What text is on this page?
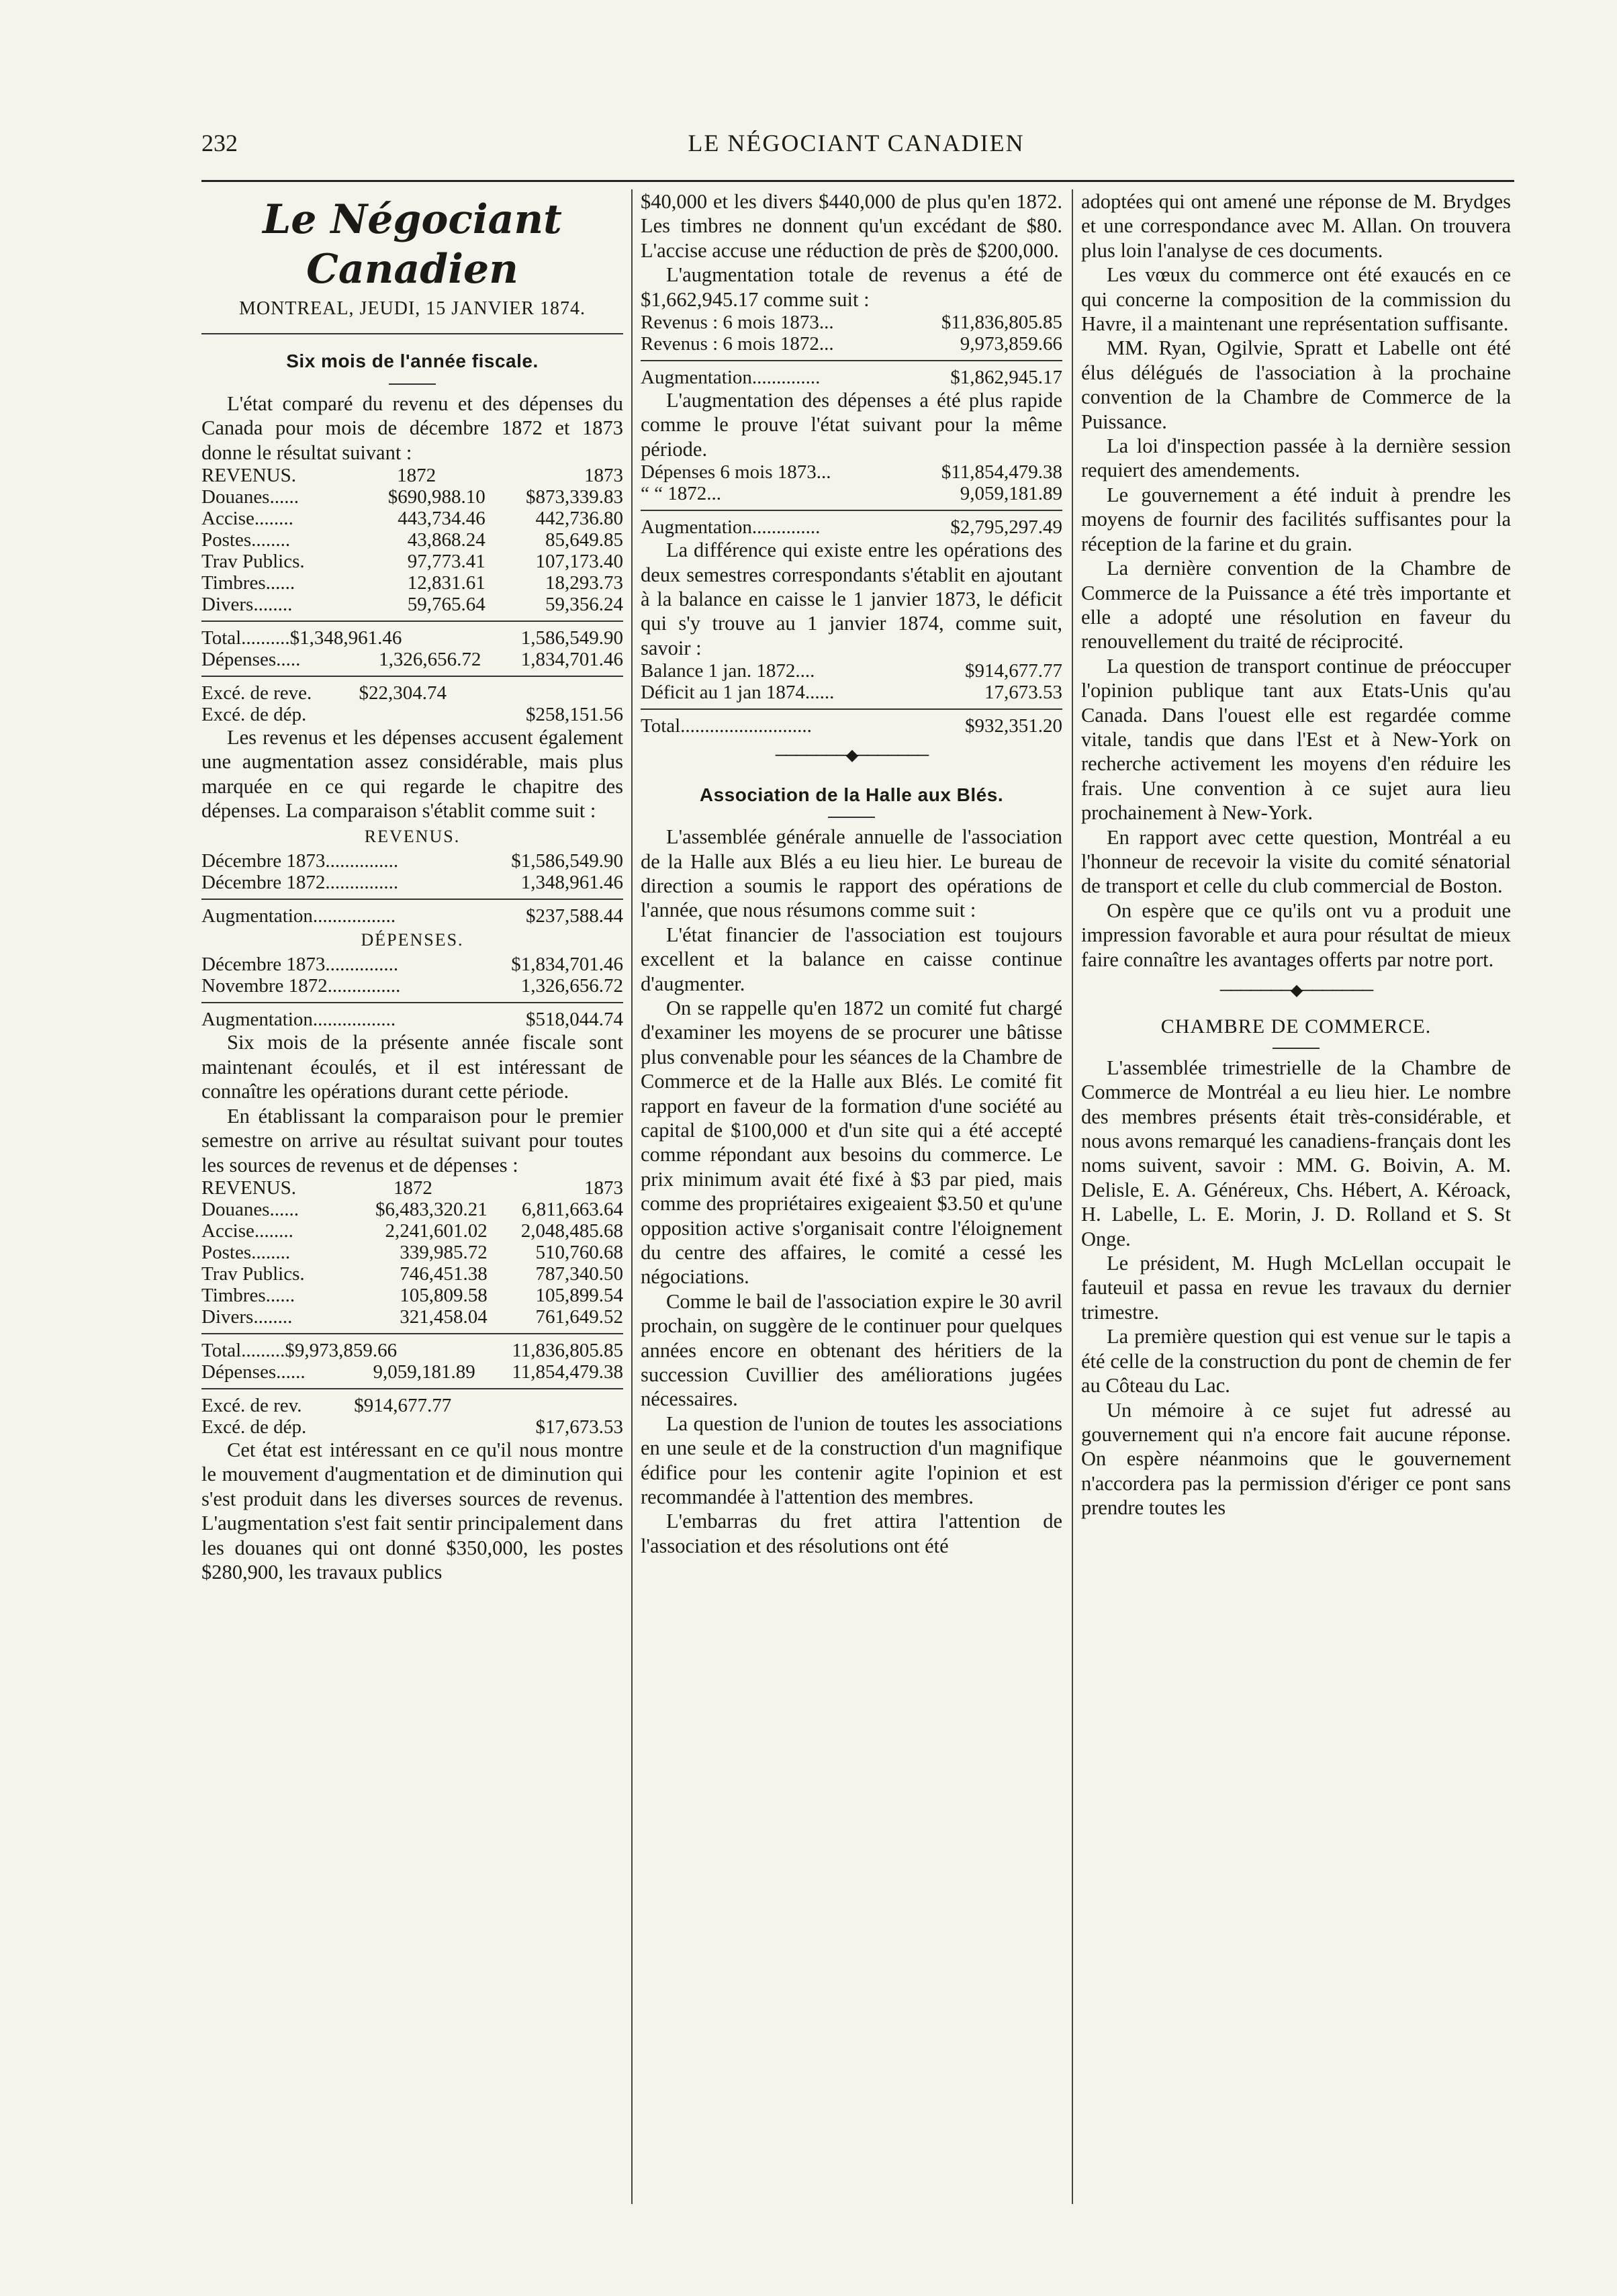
232	LE NÉGOCIANT CANADIEN
Le Négociant Canadien
MONTREAL, JEUDI, 15 JANVIER 1874.
Six mois de l'année fiscale.

L'état comparé du revenu et des dépenses du Canada pour mois de décembre 1872 et 1873 donne le résultat suivant :

REVENUS.	1872	1873
Douanes......	$690,988.10	$873,339.83
Accise........	443,734.46	442,736.80
Postes........	43,868.24	85,649.85
Trav Publics.	97,773.41	107,173.40
Timbres......	12,831.61	18,293.73
Divers........	59,765.64	59,356.24
Total..........$1,348,961.46		1,586,549.90
Dépenses.....	1,326,656.72	1,834,701.46
Excé. de reve.	$22,304.74	
Excé. de dép.		$258,151.56

Les revenus et les dépenses accusent également une augmentation assez considérable, mais plus marquée en ce qui regarde le chapitre des dépenses. La comparaison s'établit comme suit :

REVENUS.
Décembre 1873...............	$1,586,549.90
Décembre 1872...............	1,348,961.46
Augmentation.................	$237,588.44
DÉPENSES.
Décembre 1873...............	$1,834,701.46
Novembre 1872...............	1,326,656.72
Augmentation.................	$518,044.74

Six mois de la présente année fiscale sont maintenant écoulés, et il est intéressant de connaître les opérations durant cette période.

En établissant la comparaison pour le premier semestre on arrive au résultat suivant pour toutes les sources de revenus et de dépenses :

REVENUS.	1872	1873
Douanes......	$6,483,320.21	6,811,663.64
Accise........	2,241,601.02	2,048,485.68
Postes........	339,985.72	510,760.68
Trav Publics.	746,451.38	787,340.50
Timbres......	105,809.58	105,899.54
Divers........	321,458.04	761,649.52
Total.........$9,973,859.66		11,836,805.85
Dépenses......	9,059,181.89	11,854,479.38
Excé. de rev.	$914,677.77	
Excé. de dép.		$17,673.53

Cet état est intéressant en ce qu'il nous montre le mouvement d'augmentation et de diminution qui s'est produit dans les diverses sources de revenus. L'augmentation s'est fait sentir principalement dans les douanes qui ont donné $350,000, les postes $280,900, les travaux publics

$40,000 et les divers $440,000 de plus qu'en 1872. Les timbres ne donnent qu'un excédant de $80. L'accise accuse une réduction de près de $200,000.

L'augmentation totale de revenus a été de $1,662,945.17 comme suit :

Revenus : 6 mois 1873...	$11,836,805.85
Revenus : 6 mois 1872...	9,973,859.66
Augmentation..............	$1,862,945.17

L'augmentation des dépenses a été plus rapide comme le prouve l'état suivant pour la même période.

Dépenses 6 mois 1873...	$11,854,479.38
“ “ 1872...	9,059,181.89
Augmentation..............	$2,795,297.49

La différence qui existe entre les opérations des deux semestres correspondants s'établit en ajoutant à la balance en caisse le 1 janvier 1873, le déficit qui s'y trouve au 1 janvier 1874, comme suit, savoir :

Balance 1 jan. 1872....	$914,677.77
Déficit au 1 jan 1874......	17,673.53
Total...........................	$932,351.20
───────◆───────
Association de la Halle aux Blés.

L'assemblée générale annuelle de l'association de la Halle aux Blés a eu lieu hier. Le bureau de direction a soumis le rapport des opérations de l'année, que nous résumons comme suit :

L'état financier de l'association est toujours excellent et la balance en caisse continue d'augmenter.

On se rappelle qu'en 1872 un comité fut chargé d'examiner les moyens de se procurer une bâtisse plus convenable pour les séances de la Chambre de Commerce et de la Halle aux Blés. Le comité fit rapport en faveur de la formation d'une société au capital de $100,000 et d'un site qui a été accepté comme répondant aux besoins du commerce. Le prix minimum avait été fixé à $3 par pied, mais comme des propriétaires exigeaient $3.50 et qu'une opposition active s'organisait contre l'éloignement du centre des affaires, le comité a cessé les négociations.

Comme le bail de l'association expire le 30 avril prochain, on suggère de le continuer pour quelques années encore en obtenant des héritiers de la succession Cuvillier des améliorations jugées nécessaires.

La question de l'union de toutes les associations en une seule et de la construction d'un magnifique édifice pour les contenir agite l'opinion et est recommandée à l'attention des membres.

L'embarras du fret attira l'attention de l'association et des résolutions ont été

adoptées qui ont amené une réponse de M. Brydges et une correspondance avec M. Allan. On trouvera plus loin l'analyse de ces documents.

Les vœux du commerce ont été exaucés en ce qui concerne la composition de la commission du Havre, il a maintenant une représentation suffisante.

MM. Ryan, Ogilvie, Spratt et Labelle ont été élus délégués de l'association à la prochaine convention de la Chambre de Commerce de la Puissance.

La loi d'inspection passée à la dernière session requiert des amendements.

Le gouvernement a été induit à prendre les moyens de fournir des facilités suffisantes pour la réception de la farine et du grain.

La dernière convention de la Chambre de Commerce de la Puissance a été très importante et elle a adopté une résolution en faveur du renouvellement du traité de réciprocité.

La question de transport continue de préoccuper l'opinion publique tant aux Etats-Unis qu'au Canada. Dans l'ouest elle est regardée comme vitale, tandis que dans l'Est et à New-York on recherche activement les moyens d'en réduire les frais. Une convention à ce sujet aura lieu prochainement à New-York.

En rapport avec cette question, Montréal a eu l'honneur de recevoir la visite du comité sénatorial de transport et celle du club commercial de Boston.

On espère que ce qu'ils ont vu a produit une impression favorable et aura pour résultat de mieux faire connaître les avantages offerts par notre port.

───────◆───────
CHAMBRE DE COMMERCE.

L'assemblée trimestrielle de la Chambre de Commerce de Montréal a eu lieu hier. Le nombre des membres présents était très-considérable, et nous avons remarqué les canadiens-français dont les noms suivent, savoir : MM. G. Boivin, A. M. Delisle, E. A. Généreux, Chs. Hébert, A. Kéroack, H. Labelle, L. E. Morin, J. D. Rolland et S. St Onge.

Le président, M. Hugh McLellan occupait le fauteuil et passa en revue les travaux du dernier trimestre.

La première question qui est venue sur le tapis a été celle de la construction du pont de chemin de fer au Côteau du Lac.

Un mémoire à ce sujet fut adressé au gouvernement qui n'a encore fait aucune réponse. On espère néanmoins que le gouvernement n'accordera pas la permission d'ériger ce pont sans prendre toutes les
